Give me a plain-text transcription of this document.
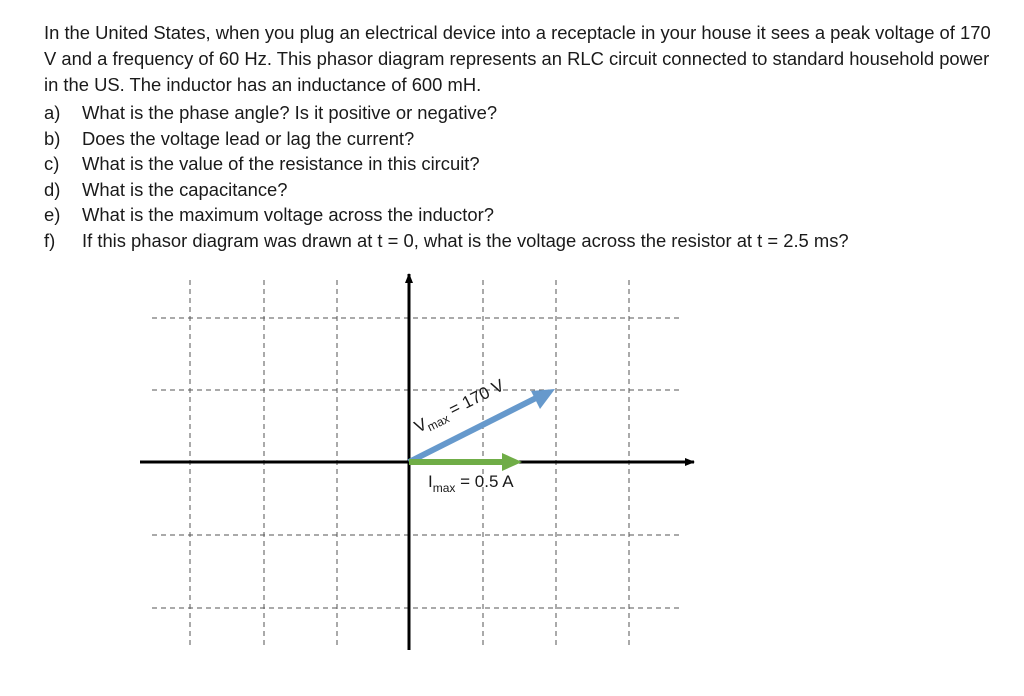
In the United States, when you plug an electrical device into a receptacle in your house it sees a peak voltage of 170 V and a frequency of 60 Hz. This phasor diagram represents an RLC circuit connected to standard household power in the US. The inductor has an inductance of 600 mH.

a)	What is the phase angle? Is it positive or negative?
b)	Does the voltage lead or lag the current?
c)	What is the value of the resistance in this circuit?
d)	What is the capacitance?
e)	What is the maximum voltage across the inductor?
f)	If this phasor diagram was drawn at t = 0, what is the voltage across the resistor at t = 2.5 ms?
$V_{max} = 170$ V
$I_{max} = 0.5$ A
